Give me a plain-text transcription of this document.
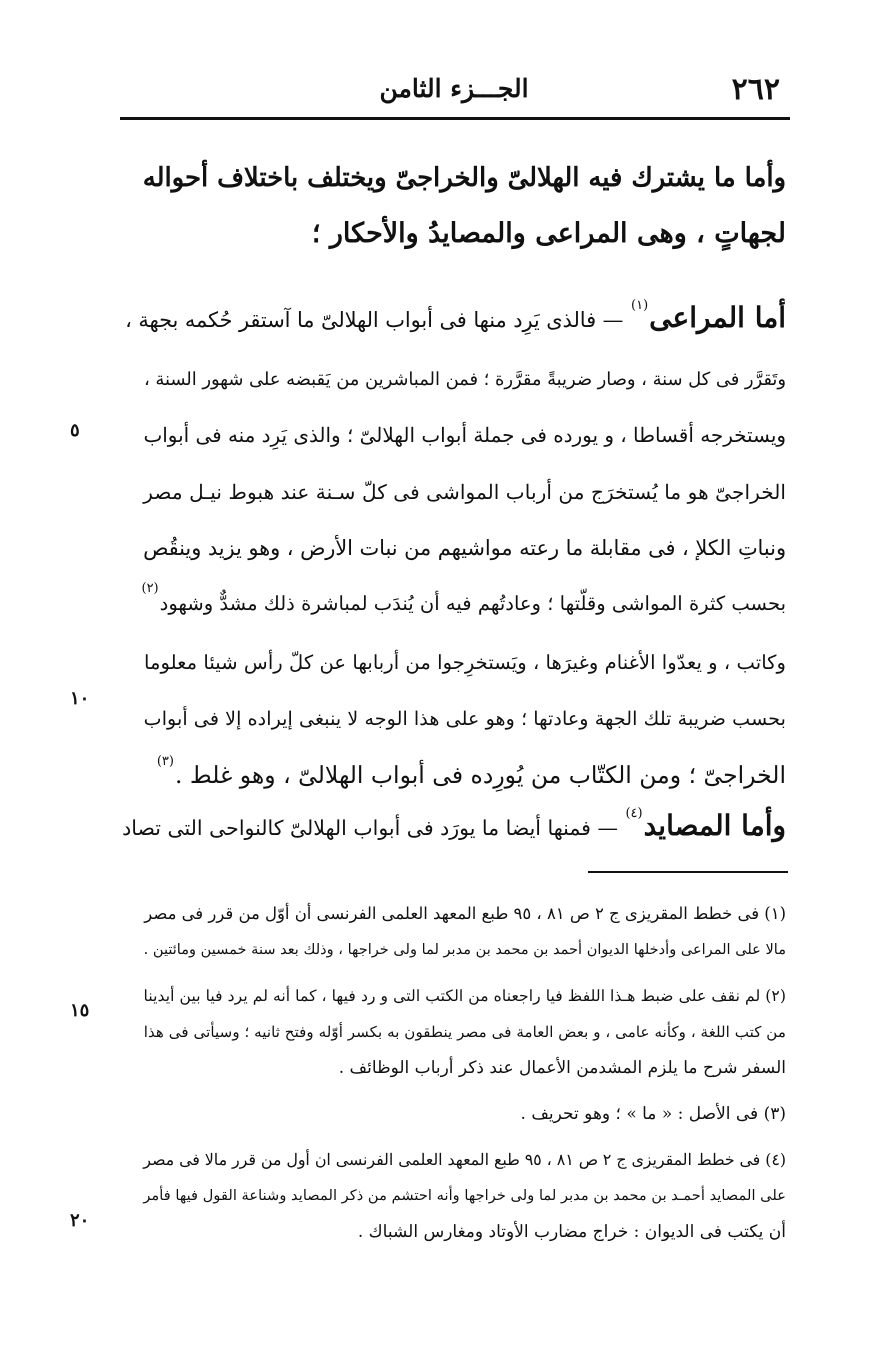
٢٦٢
الجـــزء الثامن
وأما ما يشترك فيه الهلالىّ والخراجىّ ويختلف باختلاف أحواله
لجهاتٍ ، وهى المراعى والمصايدُ والأحكار ؛
أما المراعى$^{(١)}$ — فالذى يَرِد منها فى أبواب الهلالىّ ما آستقر حُكمه بجهة ،
وتَقرَّر فى كل سنة ، وصار ضريبةً مقرَّرة ؛ فمن المباشرين من يَقبضه على شهور السنة ،
ويستخرجه أقساطا ، و يورده فى جملة أبواب الهلالىّ ؛ والذى يَرِد منه فى أبواب
الخراجىّ هو ما يُستخرَج من أرباب المواشى فى كلّ سـنة عند هبوط نيـل مصر
ونباتِ الكلإ ، فى مقابلة ما رعته مواشيهم من نبات الأرض ، وهو يزيد وينقُص
بحسب كثرة المواشى وقلّتها ؛ وعادتُهم فيه أن يُندَب لمباشرة ذلك مشدٌّ وشهود$^{(٢)}$
وكاتب ، و يعدّوا الأغنام وغيرَها ، ويَستخرِجوا من أربابها عن كلّ رأس شيئا معلوما
بحسب ضريبة تلك الجهة وعادتها ؛ وهو على هذا الوجه لا ينبغى إيراده إلا فى أبواب
الخراجىّ ؛ ومن الكتّاب من يُورِده فى أبواب الهلالىّ ، وهو غلط .$^{(٣)}$
وأما المصايد$^{(٤)}$ — فمنها أيضا ما يورَد فى أبواب الهلالىّ كالنواحى التى تصاد
٥
١٠
١٥
٢٠
(١) فى خطط المقريزى ج ٢ ص ٨١ ، ٩٥ طبع المعهد العلمى الفرنسى أن أوّل من قرر فى مصر
مالا على المراعى وأدخلها الديوان أحمد بن محمد بن مدبر لما ولى خراجها ، وذلك بعد سنة خمسين ومائتين .
(٢) لم نقف على ضبط هـذا اللفظ فيا راجعناه من الكتب التى و رد فيها ، كما أنه لم يرد فيا بين أيدينا
من كتب اللغة ، وكأنه عامى ، و بعض العامة فى مصر ينطقون به بكسر أوّله وفتح ثانيه ؛ وسيأتى فى هذا
السفر شرح ما يلزم المشدمن الأعمال عند ذكر أرباب الوظائف .
(٣) فى الأصل : « ما » ؛ وهو تحريف .
(٤) فى خطط المقريزى ج ٢ ص ٨١ ، ٩٥ طبع المعهد العلمى الفرنسى ان أول من قرر مالا فى مصر
على المصايد أحمـد بن محمد بن مدبر لما ولى خراجها وأنه احتشم من ذكر المصايد وشناعة القول فيها فأمر
أن يكتب فى الديوان : خراج مضارب الأوتاد ومغارس الشباك .
